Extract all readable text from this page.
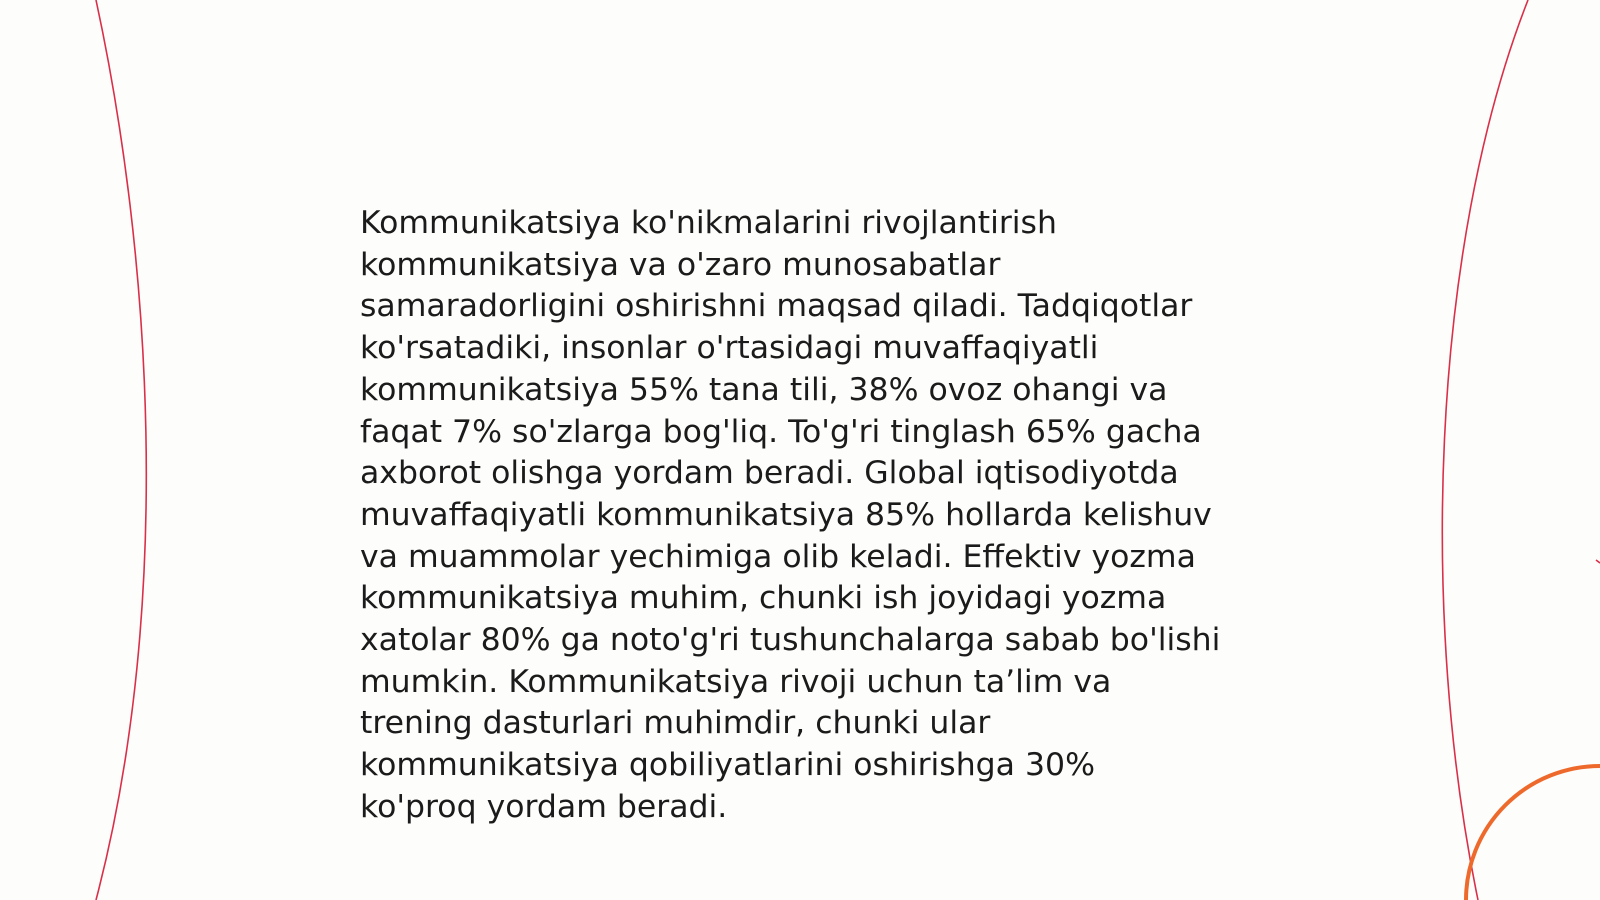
Kommunikatsiya ko'nikmalarini rivojlantirish
kommunikatsiya va o'zaro munosabatlar
samaradorligini oshirishni maqsad qiladi. Tadqiqotlar
ko'rsatadiki, insonlar o'rtasidagi muvaffaqiyatli
kommunikatsiya 55% tana tili, 38% ovoz ohangi va
faqat 7% so'zlarga bog'liq. To'g'ri tinglash 65% gacha
axborot olishga yordam beradi. Global iqtisodiyotda
muvaffaqiyatli kommunikatsiya 85% hollarda kelishuv
va muammolar yechimiga olib keladi. Effektiv yozma
kommunikatsiya muhim, chunki ish joyidagi yozma
xatolar 80% ga noto'g'ri tushunchalarga sabab bo'lishi
mumkin. Kommunikatsiya rivoji uchun ta’lim va
trening dasturlari muhimdir, chunki ular
kommunikatsiya qobiliyatlarini oshirishga 30%
ko'proq yordam beradi.
